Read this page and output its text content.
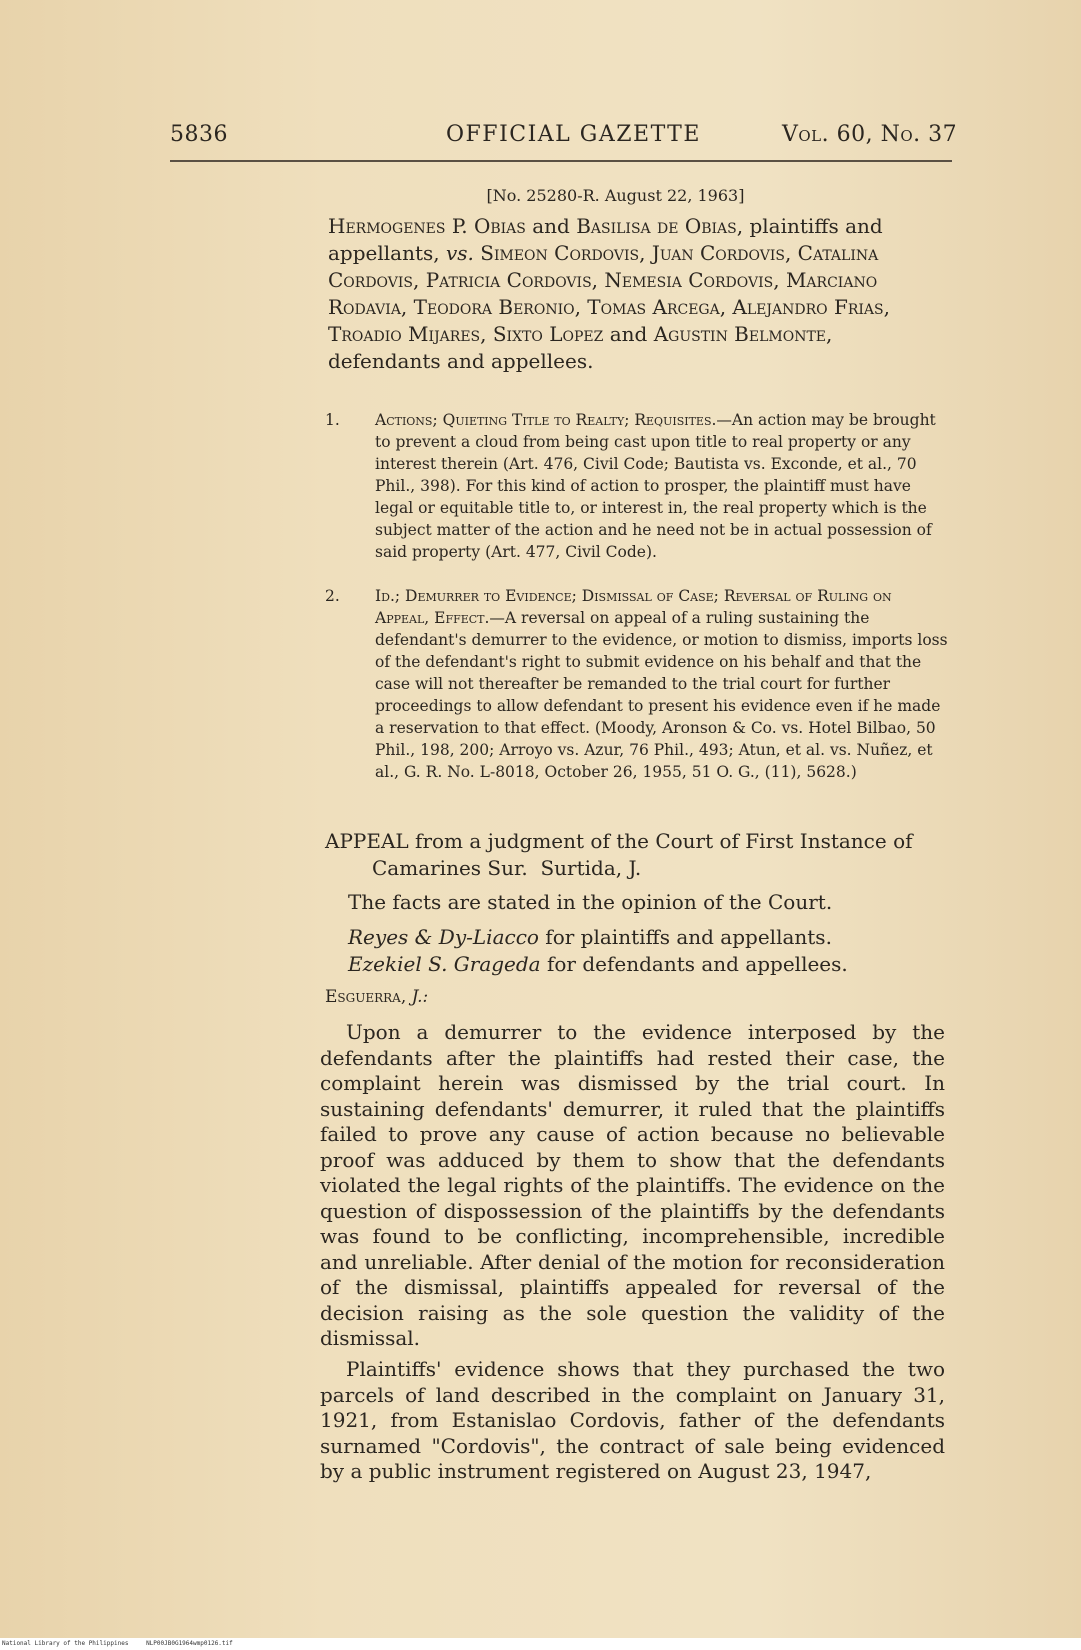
5836	OFFICIAL GAZETTE	Vol. 60, No. 37
[No. 25280-R. August 22, 1963]

Hermogenes P. Obias and Basilisa de Obias, plaintiffs and appellants, vs. Simeon Cordovis, Juan Cordovis, Catalina Cordovis, Patricia Cordovis, Nemesia Cordovis, Marciano Rodavia, Teodora Beronio, Tomas Arcega, Alejandro Frias, Troadio Mijares, Sixto Lopez and Agustin Belmonte, defendants and appellees.

1. Actions; Quieting Title to Realty; Requisites.—An action may be brought to prevent a cloud from being cast upon title to real property or any interest therein (Art. 476, Civil Code; Bautista vs. Exconde, et al., 70 Phil., 398). For this kind of action to prosper, the plaintiff must have legal or equitable title to, or interest in, the real property which is the subject matter of the action and he need not be in actual possession of said property (Art. 477, Civil Code).

2. Id.; Demurrer to Evidence; Dismissal of Case; Reversal of Ruling on Appeal, Effect.—A reversal on appeal of a ruling sustaining the defendant's demurrer to the evidence, or motion to dismiss, imports loss of the defendant's right to submit evidence on his behalf and that the case will not thereafter be remanded to the trial court for further proceedings to allow defendant to present his evidence even if he made a reservation to that effect. (Moody, Aronson & Co. vs. Hotel Bilbao, 50 Phil., 198, 200; Arroyo vs. Azur, 76 Phil., 493; Atun, et al. vs. Nuñez, et al., G. R. No. L-8018, October 26, 1955, 51 O. G., (11), 5628.)

APPEAL from a judgment of the Court of First Instance of Camarines Sur. Surtida, J.

The facts are stated in the opinion of the Court.

Reyes & Dy-Liacco for plaintiffs and appellants.

Ezekiel S. Grageda for defendants and appellees.

Esguerra, J.:

Upon a demurrer to the evidence interposed by the defendants after the plaintiffs had rested their case, the complaint herein was dismissed by the trial court. In sustaining defendants' demurrer, it ruled that the plaintiffs failed to prove any cause of action because no believable proof was adduced by them to show that the defendants violated the legal rights of the plaintiffs. The evidence on the question of dispossession of the plaintiffs by the defendants was found to be conflicting, incomprehensible, incredible and unreliable. After denial of the motion for reconsideration of the dismissal, plaintiffs appealed for reversal of the decision raising as the sole question the validity of the dismissal.

Plaintiffs' evidence shows that they purchased the two parcels of land described in the complaint on January 31, 1921, from Estanislao Cordovis, father of the defendants surnamed "Cordovis", the contract of sale being evidenced by a public instrument registered on August 23, 1947,

National Library of the Philippines	NLP00JB0G1964wmp0126.tif
